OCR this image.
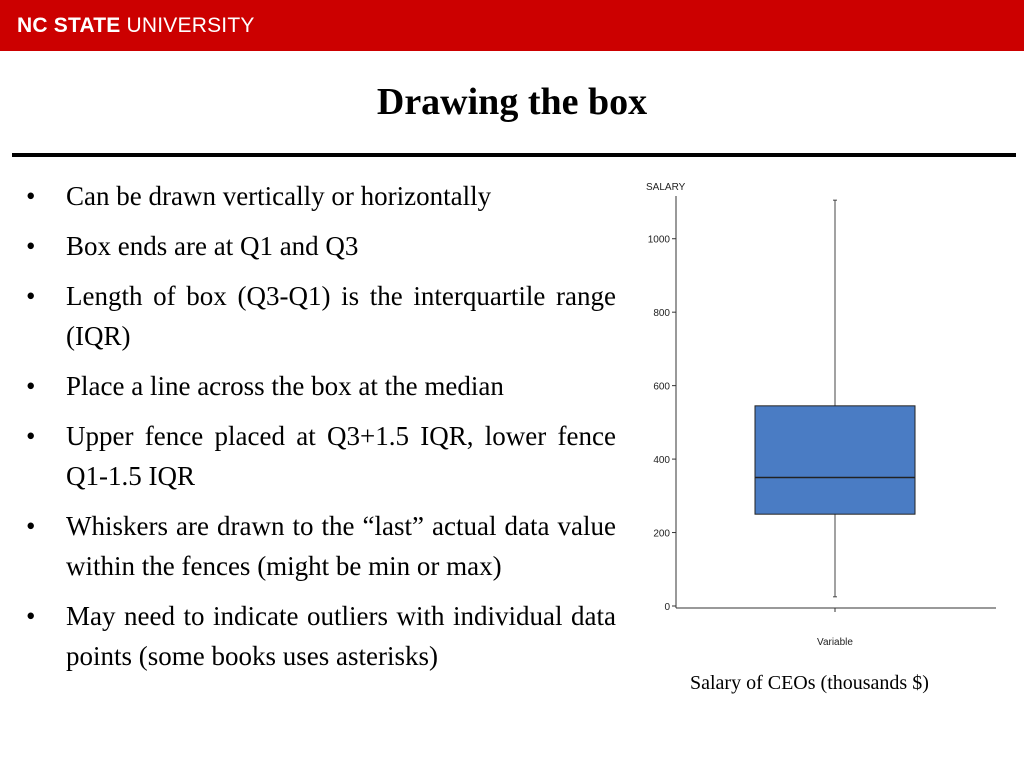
NC STATE UNIVERSITY
Drawing the box
•	Can be drawn vertically or horizontally
•	Box ends are at Q1 and Q3
•	Length of box (Q3-Q1) is the interquartile range (IQR)
•	Place a line across the box at the median
•	Upper fence placed at Q3+1.5 IQR, lower fence Q1-1.5 IQR
•	Whiskers are drawn to the “last” actual data value within the fences (might be min or max)
•	May need to indicate outliers with individual data points (some books uses asterisks)
SALARY
0
200
400
600
800
1000
Variable
Salary of CEOs (thousands $)
